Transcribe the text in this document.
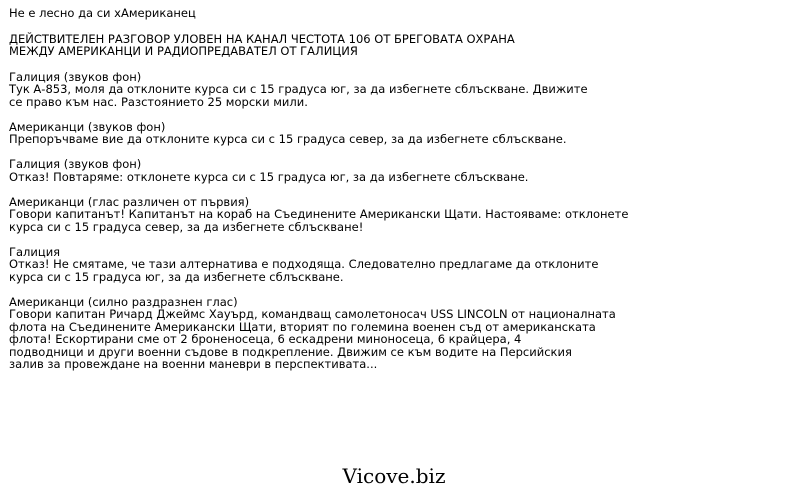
Не е лесно да си хАмериканец
ДЕЙСТВИТЕЛЕН РАЗГОВОР УЛОВЕН НА КАНАЛ ЧЕСТОТА 106 ОТ БРЕГОВАТА ОХРАНА
МЕЖДУ АМЕРИКАНЦИ И РАДИОПРЕДАВАТЕЛ ОТ ГАЛИЦИЯ
Галиция (звуков фон)
Тук А-853, моля да отклоните курса си с 15 градуса юг, за да избегнете сблъскване. Движите
се право към нас. Разстоянието 25 морски мили.
Американци (звуков фон)
Препоръчваме вие да отклоните курса си с 15 градуса север, за да избегнете сблъскване.
Галиция (звуков фон)
Отказ! Повтаряме: отклонете курса си с 15 градуса юг, за да избегнете сблъскване.
Американци (глас различен от първия)
Говори капитанът! Капитанът на кораб на Съединените Американски Щати. Настояваме: отклонете
курса си с 15 градуса север, за да избегнете сблъскване!
Галиция
Отказ! Не смятаме, че тази алтернатива е подходяща. Следователно предлагаме да отклоните
курса си с 15 градуса юг, за да избегнете сблъскване.
Американци (силно раздразнен глас)
Говори капитан Ричард Джеймс Хауърд, командващ самолетоносач USS LINCOLN от националната
флота на Съединените Американски Щати, вторият по големина военен съд от американската
флота! Ескортирани сме от 2 броненосеца, 6 ескадрени миноносеца, 6 крайцера, 4
подводници и други военни съдове в подкрепление. Движим се към водите на Персийския
залив за провеждане на военни маневри в перспективата...
Vicove.biz
